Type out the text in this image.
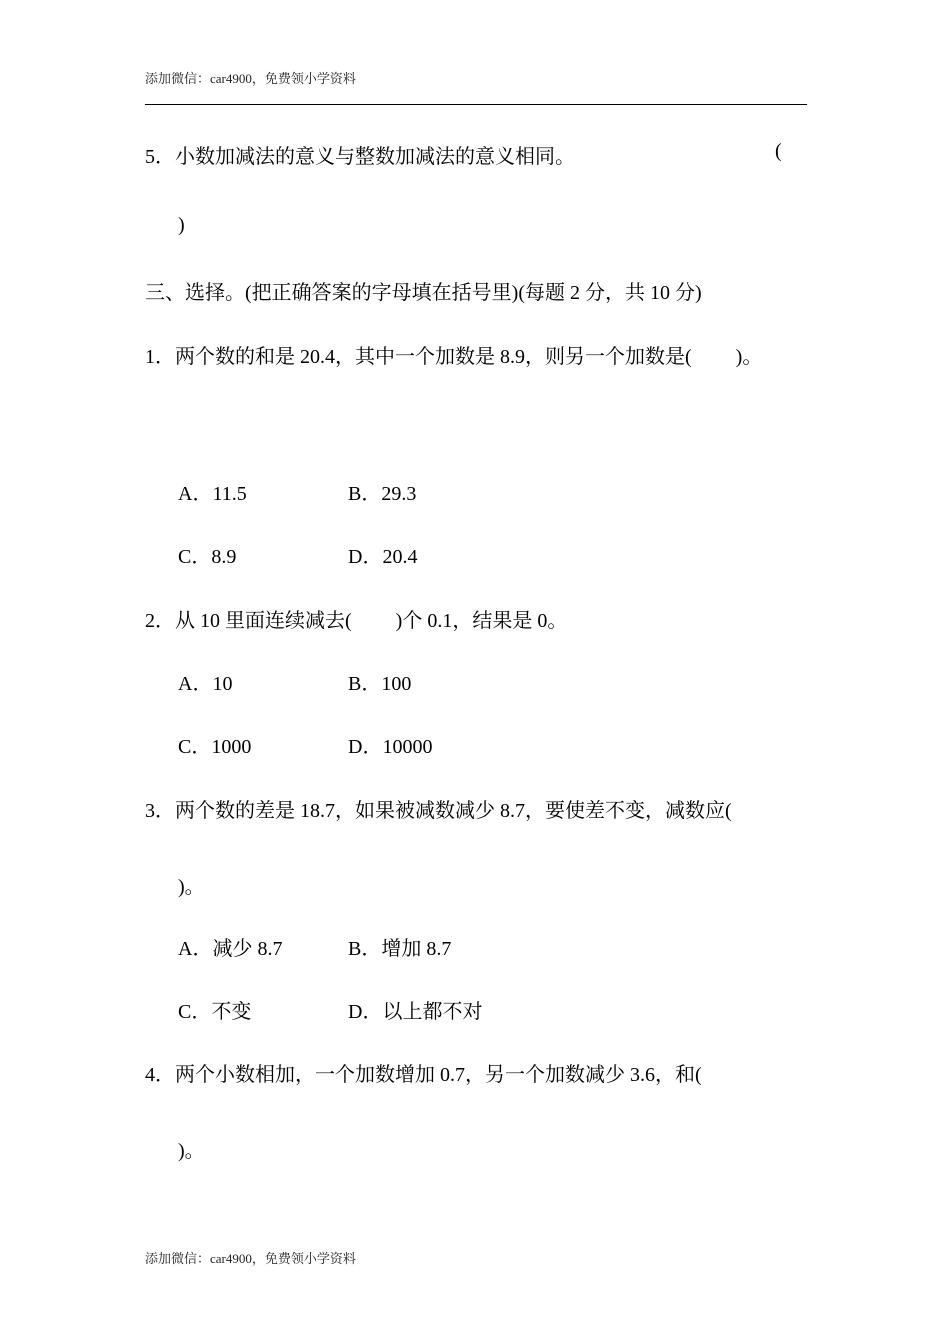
添加微信：car4900，免费领小学资料
5．小数加减法的意义与整数加减法的意义相同。	(
)
三、选择。(把正确答案的字母填在括号里)(每题 2 分，共 10 分)
1．两个数的和是 20.4，其中一个加数是 8.9，则另一个加数是( )。
A．11.5	B．29.3
C．8.9	D．20.4
2．从 10 里面连续减去( )个 0.1，结果是 0。
A．10	B．100
C．1000	D．10000
3．两个数的差是 18.7，如果被减数减少 8.7，要使差不变，减数应(
)。
A．减少 8.7	B．增加 8.7
C．不变	D．以上都不对
4．两个小数相加，一个加数增加 0.7，另一个加数减少 3.6，和(
)。
添加微信：car4900，免费领小学资料
